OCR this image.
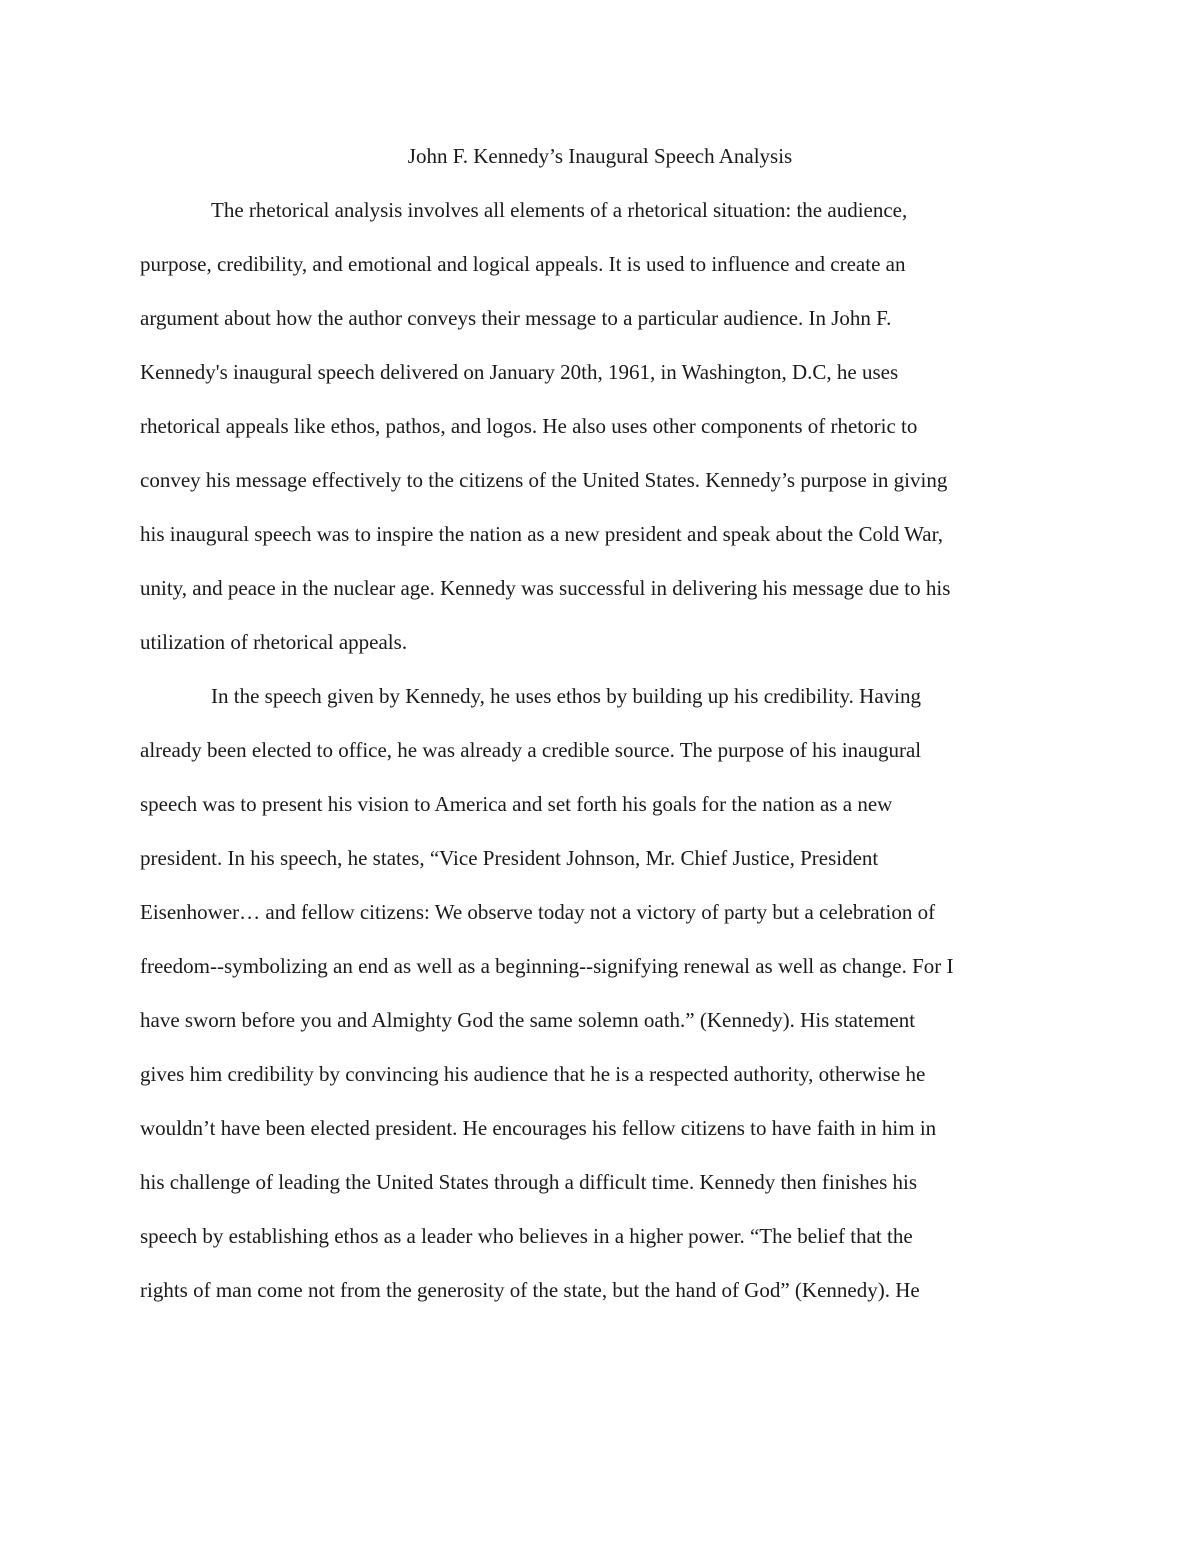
John F. Kennedy’s Inaugural Speech Analysis
The rhetorical analysis involves all elements of a rhetorical situation: the audience,
purpose, credibility, and emotional and logical appeals. It is used to influence and create an
argument about how the author conveys their message to a particular audience. In John F.
Kennedy's inaugural speech delivered on January 20th, 1961, in Washington, D.C, he uses
rhetorical appeals like ethos, pathos, and logos. He also uses other components of rhetoric to
convey his message effectively to the citizens of the United States. Kennedy’s purpose in giving
his inaugural speech was to inspire the nation as a new president and speak about the Cold War,
unity, and peace in the nuclear age. Kennedy was successful in delivering his message due to his
utilization of rhetorical appeals.
In the speech given by Kennedy, he uses ethos by building up his credibility. Having
already been elected to office, he was already a credible source. The purpose of his inaugural
speech was to present his vision to America and set forth his goals for the nation as a new
president. In his speech, he states, “Vice President Johnson, Mr. Chief Justice, President
Eisenhower… and fellow citizens: We observe today not a victory of party but a celebration of
freedom--symbolizing an end as well as a beginning--signifying renewal as well as change. For I
have sworn before you and Almighty God the same solemn oath.” (Kennedy). His statement
gives him credibility by convincing his audience that he is a respected authority, otherwise he
wouldn’t have been elected president. He encourages his fellow citizens to have faith in him in
his challenge of leading the United States through a difficult time. Kennedy then finishes his
speech by establishing ethos as a leader who believes in a higher power. “The belief that the
rights of man come not from the generosity of the state, but the hand of God” (Kennedy). He
